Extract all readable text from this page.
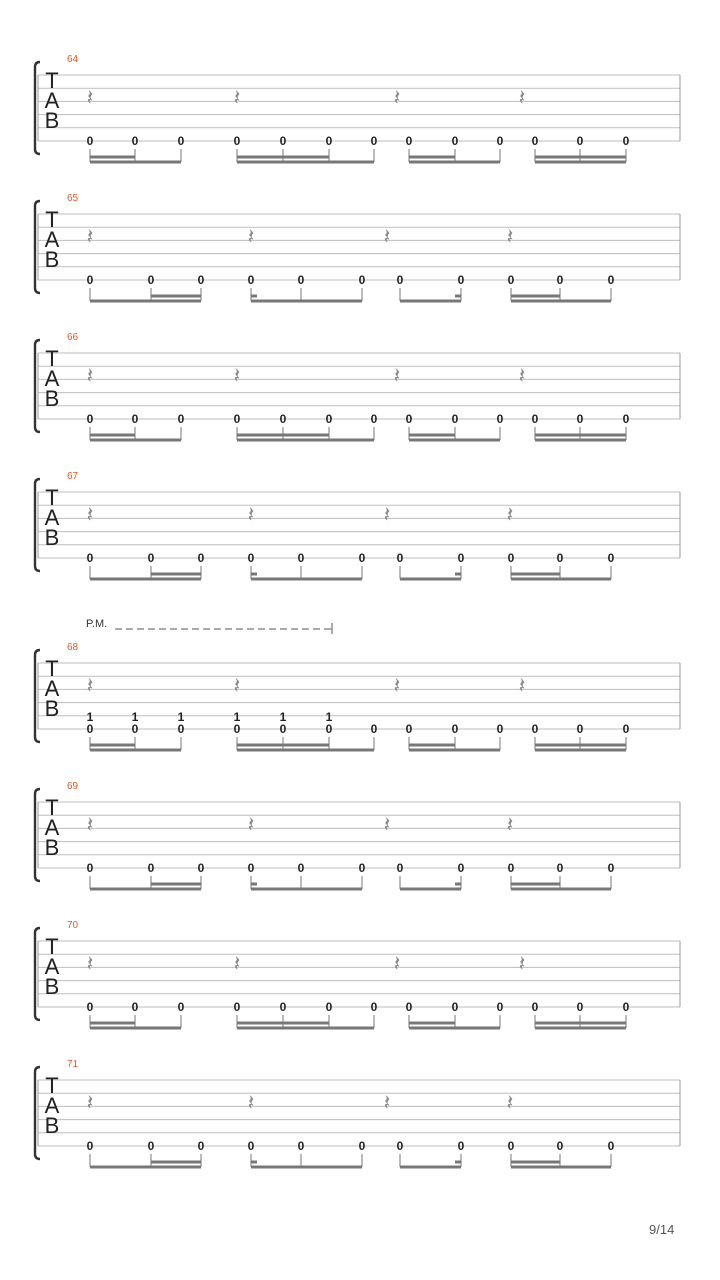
T
A
B
64
𝄽	𝄽	𝄽	𝄽
0	0	0	0	0	0	0 0	0	0 0	0	0
T
A
B
65
𝄽	𝄽	𝄽	𝄽
0	0	0	0	0	0	0	0	0	0	0
T
A
B
66
𝄽	𝄽	𝄽	𝄽
0	0	0	0	0	0	0 0	0	0 0	0	0
T
A
B
67
𝄽	𝄽	𝄽	𝄽
0	0	0	0	0	0	0	0	0	0	0
T
A
B
68
𝄽	𝄽	𝄽	𝄽
1
0
1
0
1
0
1
0
1
0
1
0	0 0	0	0 0	0	0
T
A
B
69
𝄽	𝄽	𝄽	𝄽
0	0	0	0	0	0	0	0	0	0	0
T
A
B
70
𝄽	𝄽	𝄽	𝄽
0	0	0	0	0	0	0 0	0	0 0	0	0
T
A
B
71
𝄽	𝄽	𝄽	𝄽
0	0	0	0	0	0	0	0	0	0	0
P.M.
9/14
